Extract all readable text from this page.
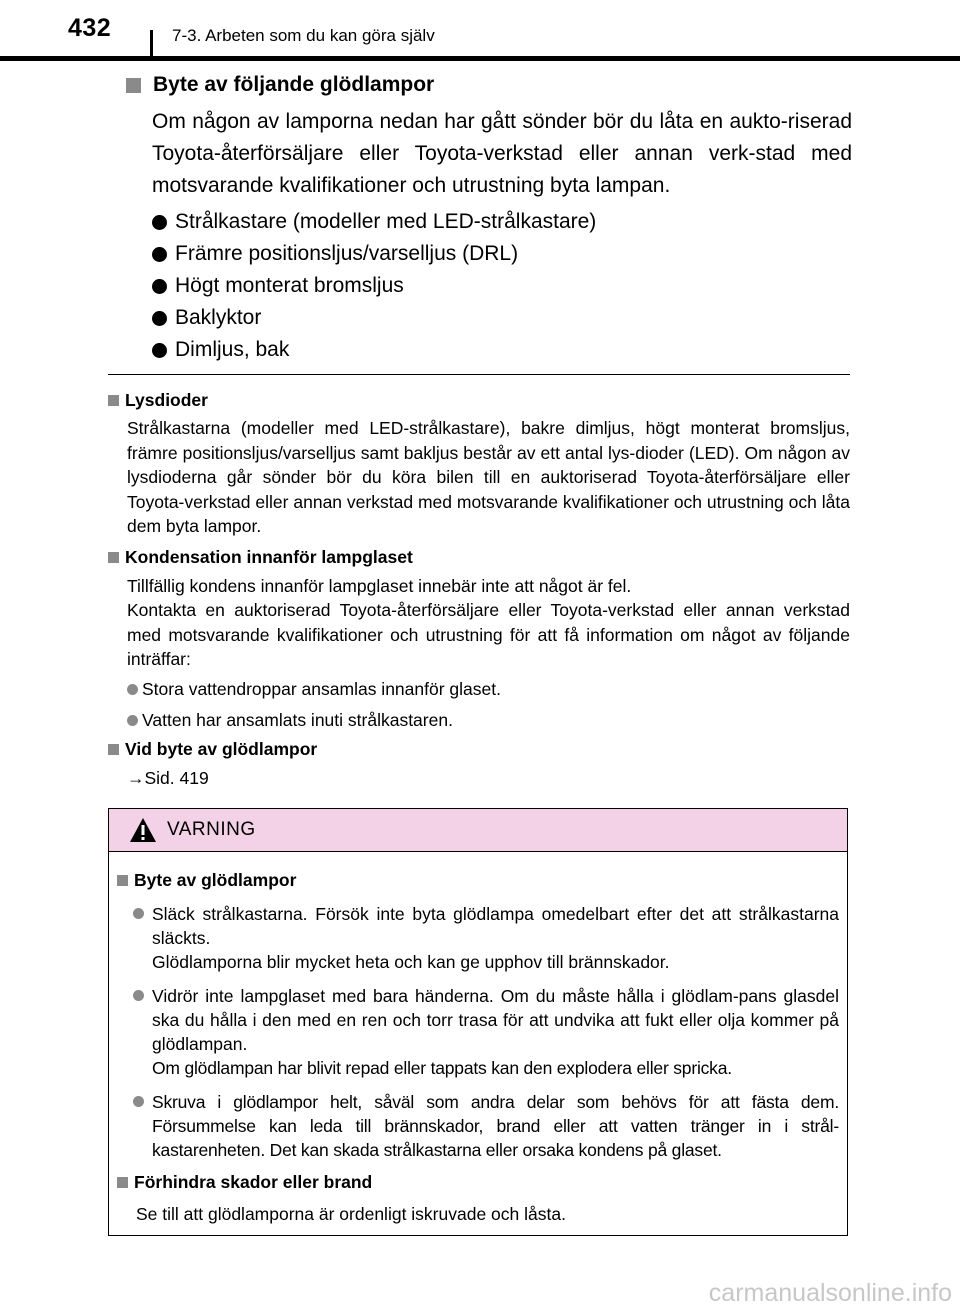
432	7-3. Arbeten som du kan göra själv
Byte av följande glödlampor

Om någon av lamporna nedan har gått sönder bör du låta en aukto-riserad Toyota-återförsäljare eller Toyota-verkstad eller annan verk-stad med motsvarande kvalifikationer och utrustning byta lampan.

Strålkastare (modeller med LED-strålkastare)
Främre positionsljus/varselljus (DRL)
Högt monterat bromsljus
Baklyktor
Dimljus, bak
Lysdioder

Strålkastarna (modeller med LED-strålkastare), bakre dimljus, högt monterat bromsljus, främre positionsljus/varselljus samt bakljus består av ett antal lys-dioder (LED). Om någon av lysdioderna går sönder bör du köra bilen till en auktoriserad Toyota-återförsäljare eller Toyota-verkstad eller annan verkstad med motsvarande kvalifikationer och utrustning och låta dem byta lampor.

Kondensation innanför lampglaset

Tillfällig kondens innanför lampglaset innebär inte att något är fel.

Kontakta en auktoriserad Toyota-återförsäljare eller Toyota-verkstad eller annan verkstad med motsvarande kvalifikationer och utrustning för att få information om något av följande inträffar:

Stora vattendroppar ansamlas innanför glaset.
Vatten har ansamlats inuti strålkastaren.
Vid byte av glödlampor

→Sid. 419

VARNING
Byte av glödlampor
Släck strålkastarna. Försök inte byta glödlampa omedelbart efter det att strålkastarna släckts.
Glödlamporna blir mycket heta och kan ge upphov till brännskador.
Vidrör inte lampglaset med bara händerna. Om du måste hålla i glödlam-pans glasdel ska du hålla i den med en ren och torr trasa för att undvika att fukt eller olja kommer på glödlampan.
Om glödlampan har blivit repad eller tappats kan den explodera eller spricka.
Skruva i glödlampor helt, såväl som andra delar som behövs för att fästa dem. Försummelse kan leda till brännskador, brand eller att vatten tränger in i strål-kastarenheten. Det kan skada strålkastarna eller orsaka kondens på glaset.
Förhindra skador eller brand

Se till att glödlamporna är ordenligt iskruvade och låsta.

carmanualsonline.info
